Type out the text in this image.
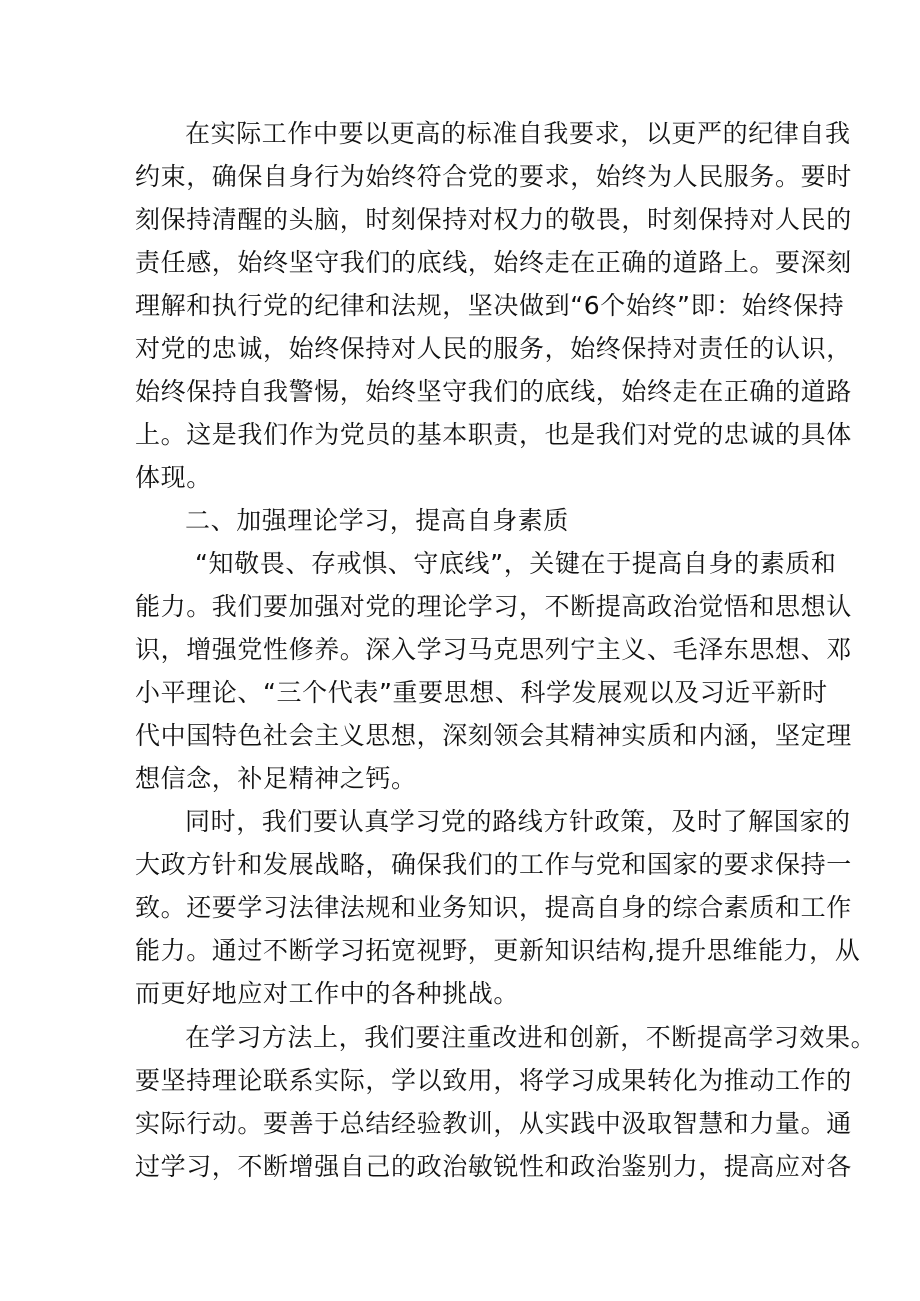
在实际工作中要以更高的标准自我要求，以更严的纪律自我

约束，确保自身行为始终符合党的要求，始终为人民服务。要时

刻保持清醒的头脑，时刻保持对权力的敬畏，时刻保持对人民的

责任感，始终坚守我们的底线，始终走在正确的道路上。要深刻

理解和执行党的纪律和法规，坚决做到“6个始终”即：始终保持

对党的忠诚，始终保持对人民的服务，始终保持对责任的认识，

始终保持自我警惕，始终坚守我们的底线，始终走在正确的道路

上。这是我们作为党员的基本职责，也是我们对党的忠诚的具体

体现。

二、加强理论学习，提高自身素质

“知敬畏、存戒惧、守底线”，关键在于提高自身的素质和

能力。我们要加强对党的理论学习，不断提高政治觉悟和思想认

识，增强党性修养。深入学习马克思列宁主义、毛泽东思想、邓

小平理论、“三个代表”重要思想、科学发展观以及习近平新时

代中国特色社会主义思想，深刻领会其精神实质和内涵，坚定理

想信念，补足精神之钙。

同时，我们要认真学习党的路线方针政策，及时了解国家的

大政方针和发展战略，确保我们的工作与党和国家的要求保持一

致。还要学习法律法规和业务知识，提高自身的综合素质和工作

能力。通过不断学习拓宽视野，更新知识结构,提升思维能力，从

而更好地应对工作中的各种挑战。

在学习方法上，我们要注重改进和创新，不断提高学习效果。

要坚持理论联系实际，学以致用，将学习成果转化为推动工作的

实际行动。要善于总结经验教训，从实践中汲取智慧和力量。通

过学习，不断增强自己的政治敏锐性和政治鉴别力，提高应对各
